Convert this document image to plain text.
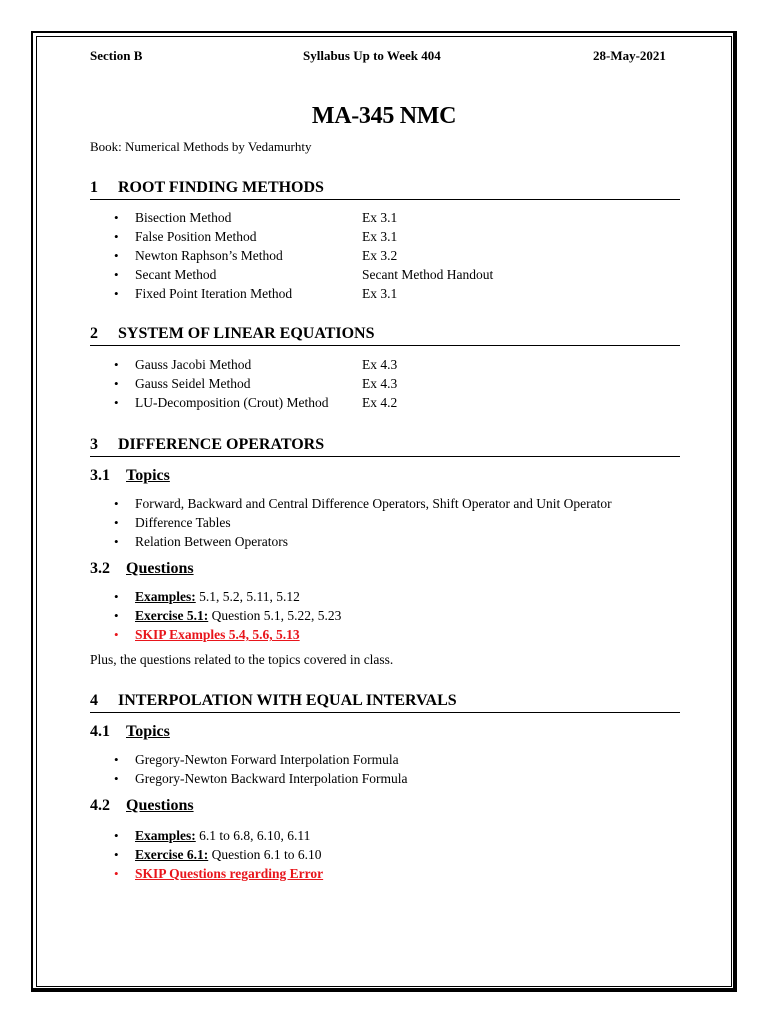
Section B	Syllabus Up to Week 404	28-May-2021
MA-345 NMC
Book: Numerical Methods by Vedamurhty
1 ROOT FINDING METHODS
Bisection Method	Ex 3.1
False Position Method	Ex 3.1
Newton Raphson’s Method	Ex 3.2
Secant Method	Secant Method Handout
Fixed Point Iteration Method	Ex 3.1
2 SYSTEM OF LINEAR EQUATIONS
Gauss Jacobi Method	Ex 4.3
Gauss Seidel Method	Ex 4.3
LU-Decomposition (Crout) Method Ex 4.2
3 DIFFERENCE OPERATORS
3.1 Topics
Forward, Backward and Central Difference Operators, Shift Operator and Unit Operator
Difference Tables
Relation Between Operators
3.2 Questions
Examples: 5.1, 5.2, 5.11, 5.12
Exercise 5.1: Question 5.1, 5.22, 5.23
SKIP Examples 5.4, 5.6, 5.13
Plus, the questions related to the topics covered in class.
4 INTERPOLATION WITH EQUAL INTERVALS
4.1 Topics
Gregory-Newton Forward Interpolation Formula
Gregory-Newton Backward Interpolation Formula
4.2 Questions
Examples: 6.1 to 6.8, 6.10, 6.11
Exercise 6.1: Question 6.1 to 6.10
SKIP Questions regarding Error
